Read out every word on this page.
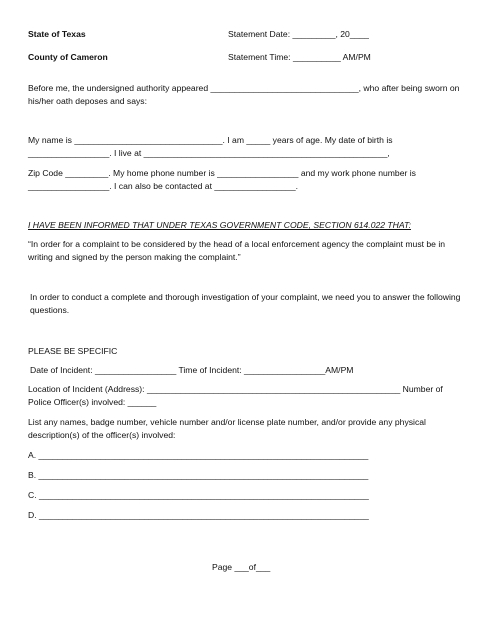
State of Texas	Statement Date: _________, 20____
County of Cameron	Statement Time: __________ AM/PM
Before me, the undersigned authority appeared _______________________________, who after being sworn on his/her oath deposes and says:
My name is _______________________________. I am _____ years of age. My date of birth is
_________________. I live at ___________________________________________________,
Zip Code _________. My home phone number is _________________ and my work phone number is
_________________. I can also be contacted at _________________.
I HAVE BEEN INFORMED THAT UNDER TEXAS GOVERNMENT CODE, SECTION 614.022 THAT:
“In order for a complaint to be considered by the head of a local enforcement agency the complaint must be in writing and signed by the person making the complaint.”
In order to conduct a complete and thorough investigation of your complaint, we need you to answer the following questions.
PLEASE BE SPECIFIC
Date of Incident: _________________ Time of Incident: _________________AM/PM
Location of Incident (Address): _____________________________________________________ Number of Police Officer(s) involved: ______
List any names, badge number, vehicle number and/or license plate number, and/or provide any physical description(s) of the officer(s) involved:
A. _____________________________________________________________________
B. _____________________________________________________________________
C. _____________________________________________________________________
D. _____________________________________________________________________
Page ___of___
